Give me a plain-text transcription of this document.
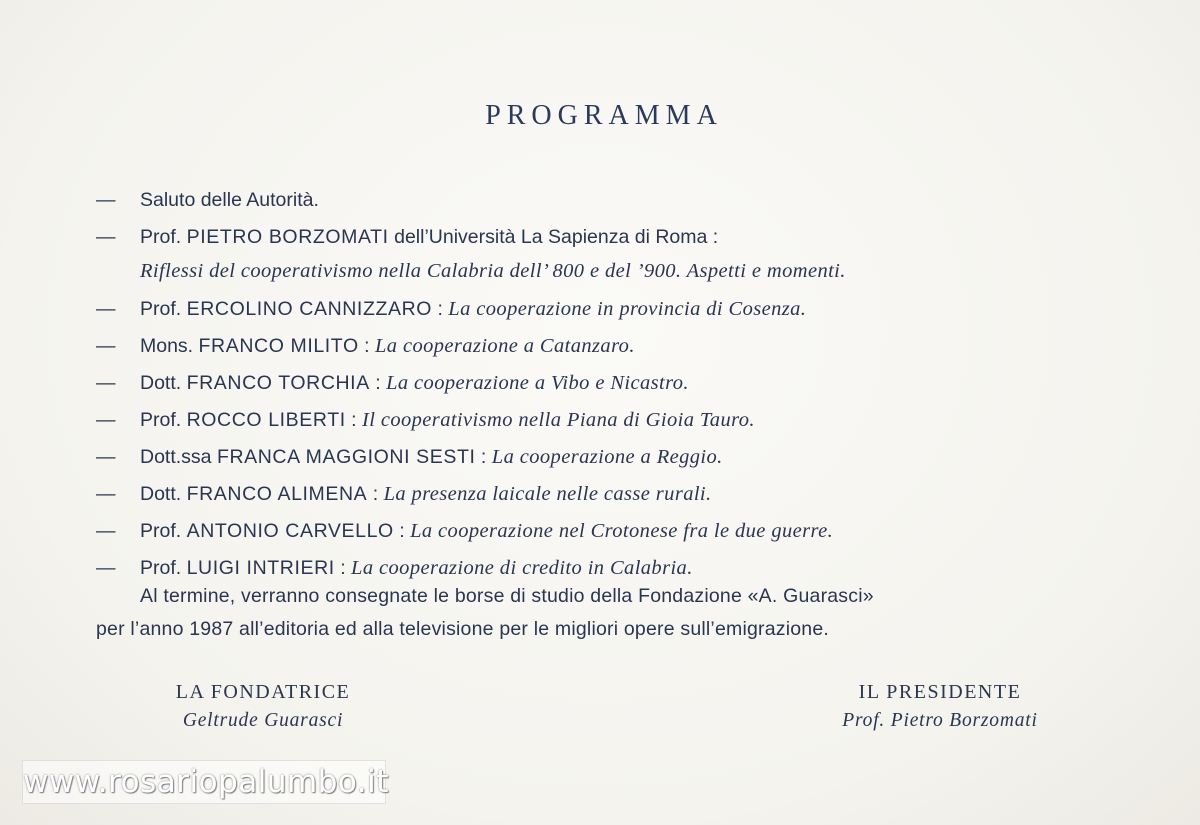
PROGRAMMA
—	Saluto delle Autorità.
—	Prof. PIETRO BORZOMATI dell’Università La Sapienza di Roma :
Riflessi del cooperativismo nella Calabria dell’ 800 e del ’900. Aspetti e momenti.
—	Prof. ERCOLINO CANNIZZARO : La cooperazione in provincia di Cosenza.
—	Mons. FRANCO MILITO : La cooperazione a Catanzaro.
—	Dott. FRANCO TORCHIA : La cooperazione a Vibo e Nicastro.
—	Prof. ROCCO LIBERTI : Il cooperativismo nella Piana di Gioia Tauro.
—	Dott.ssa FRANCA MAGGIONI SESTI : La cooperazione a Reggio.
—	Dott. FRANCO ALIMENA : La presenza laicale nelle casse rurali.
—	Prof. ANTONIO CARVELLO : La cooperazione nel Crotonese fra le due guerre.
—	Prof. LUIGI INTRIERI : La cooperazione di credito in Calabria.
Al termine, verranno consegnate le borse di studio della Fondazione «A. Guarasci»
per l’anno 1987 all’editoria ed alla televisione per le migliori opere sull’emigrazione.
LA FONDATRICE
Geltrude Guarasci
IL PRESIDENTE
Prof. Pietro Borzomati
www.rosariopalumbo.it
